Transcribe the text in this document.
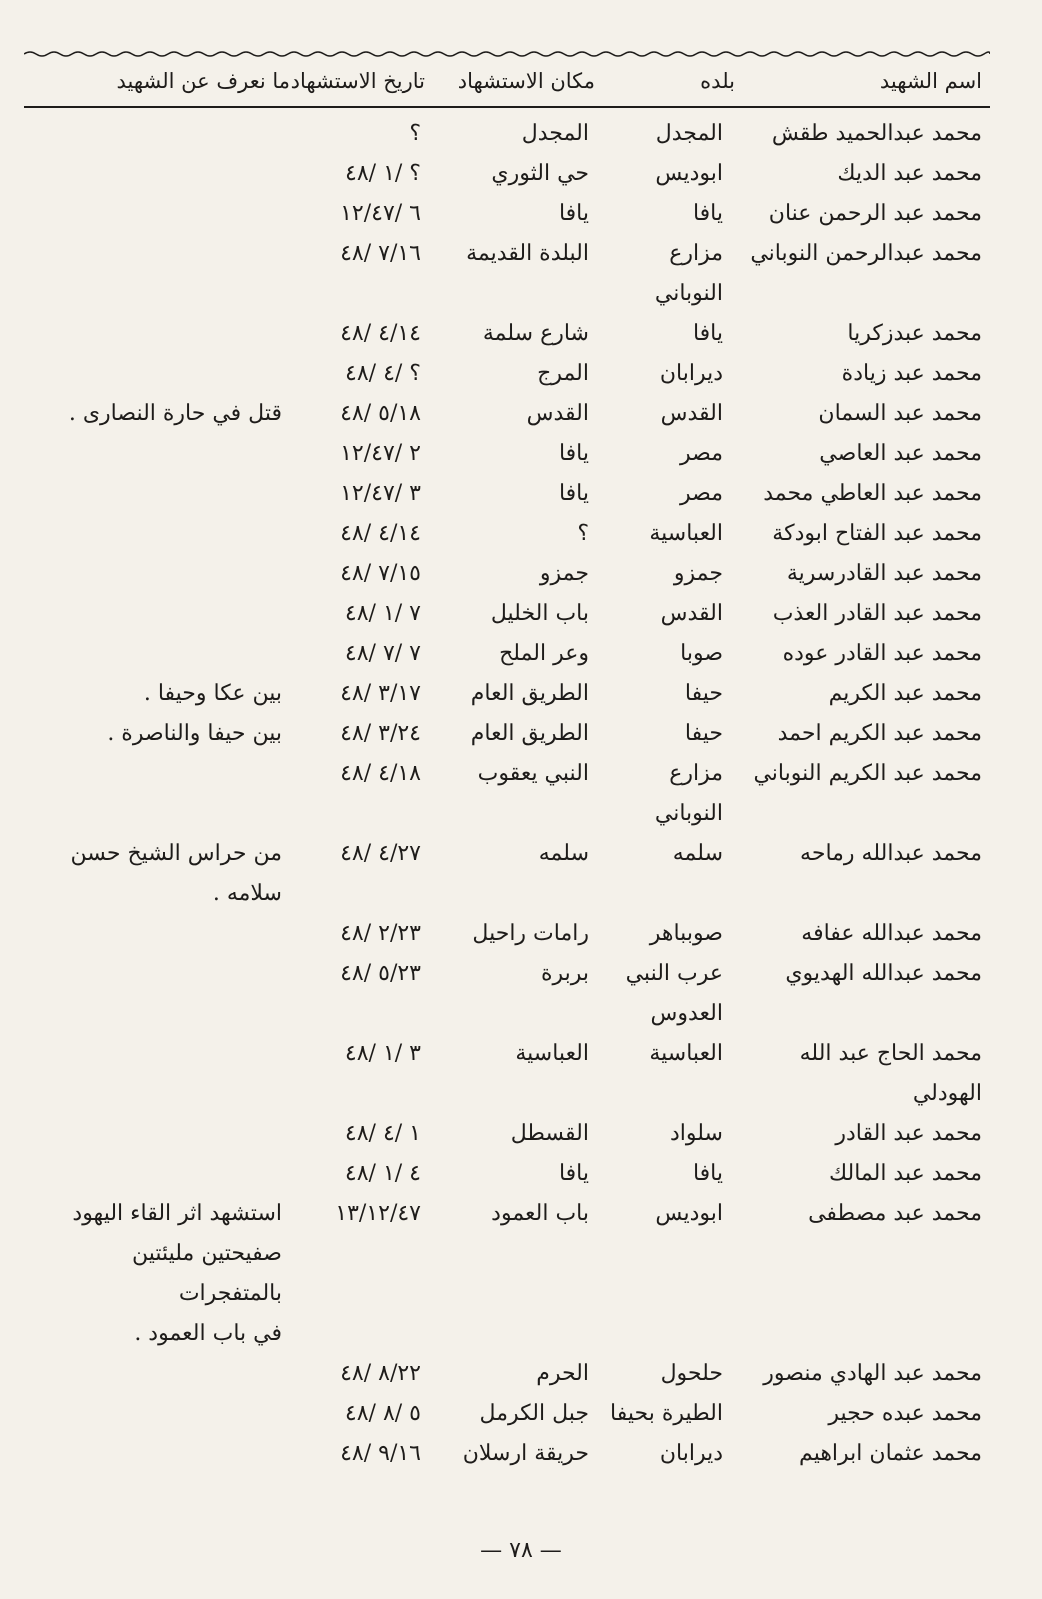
اسم الشهيد
بلده
مكان الاستشهاد
تاريخ الاستشهاد
ما نعرف عن الشهيد
محمد عبدالحميد طقش
المجدل
المجدل
؟
محمد عبد الديك
ابوديس
حي الثوري
؟ /١ /٤٨
محمد عبد الرحمن عنان
يافا
يافا
٦ /١٢/٤٧
محمد عبدالرحمن النوباني
مزارع
النوباني
البلدة القديمة
٧/١٦ /٤٨
محمد عبدزكريا
يافا
شارع سلمة
٤/١٤ /٤٨
محمد عبد زيادة
ديرابان
المرج
؟ /٤ /٤٨
محمد عبد السمان
القدس
القدس
٥/١٨ /٤٨
قتل في حارة النصارى .
محمد عبد العاصي
مصر
يافا
٢ /١٢/٤٧
محمد عبد العاطي محمد
مصر
يافا
٣ /١٢/٤٧
محمد عبد الفتاح ابودكة
العباسية
؟
٤/١٤ /٤٨
محمد عبد القادرسرية
جمزو
جمزو
٧/١٥ /٤٨
محمد عبد القادر العذب
القدس
باب الخليل
٧ /١ /٤٨
محمد عبد القادر عوده
صوبا
وعر الملح
٧ /٧ /٤٨
محمد عبد الكريم
حيفا
الطريق العام
٣/١٧ /٤٨
بين عكا وحيفا .
محمد عبد الكريم احمد
حيفا
الطريق العام
٣/٢٤ /٤٨
بين حيفا والناصرة .
محمد عبد الكريم النوباني
مزارع
النوباني
النبي يعقوب
٤/١٨ /٤٨
محمد عبدالله رماحه
سلمه
سلمه
٤/٢٧ /٤٨
من حراس الشيخ حسن
سلامه .
محمد عبدالله عفافه
صوبباهر
رامات راحيل
٢/٢٣ /٤٨
محمد عبدالله الهديوي
عرب النبي
العدوس
بربرة
٥/٢٣ /٤٨
محمد الحاج عبد الله
الهودلي
العباسية
العباسية
٣ /١ /٤٨
محمد عبد القادر
سلواد
القسطل
١ /٤ /٤٨
محمد عبد المالك
يافا
يافا
٤ /١ /٤٨
محمد عبد مصطفى
ابوديس
باب العمود
١٣/١٢/٤٧
استشهد اثر القاء اليهود
صفيحتين مليئتين بالمتفجرات
في باب العمود .
محمد عبد الهادي منصور
حلحول
الحرم
٨/٢٢ /٤٨
محمد عبده حجير
الطيرة بحيفا
جبل الكرمل
٥ /٨ /٤٨
محمد عثمان ابراهيم
ديرابان
حريقة ارسلان
٩/١٦ /٤٨
— ٧٨ —
